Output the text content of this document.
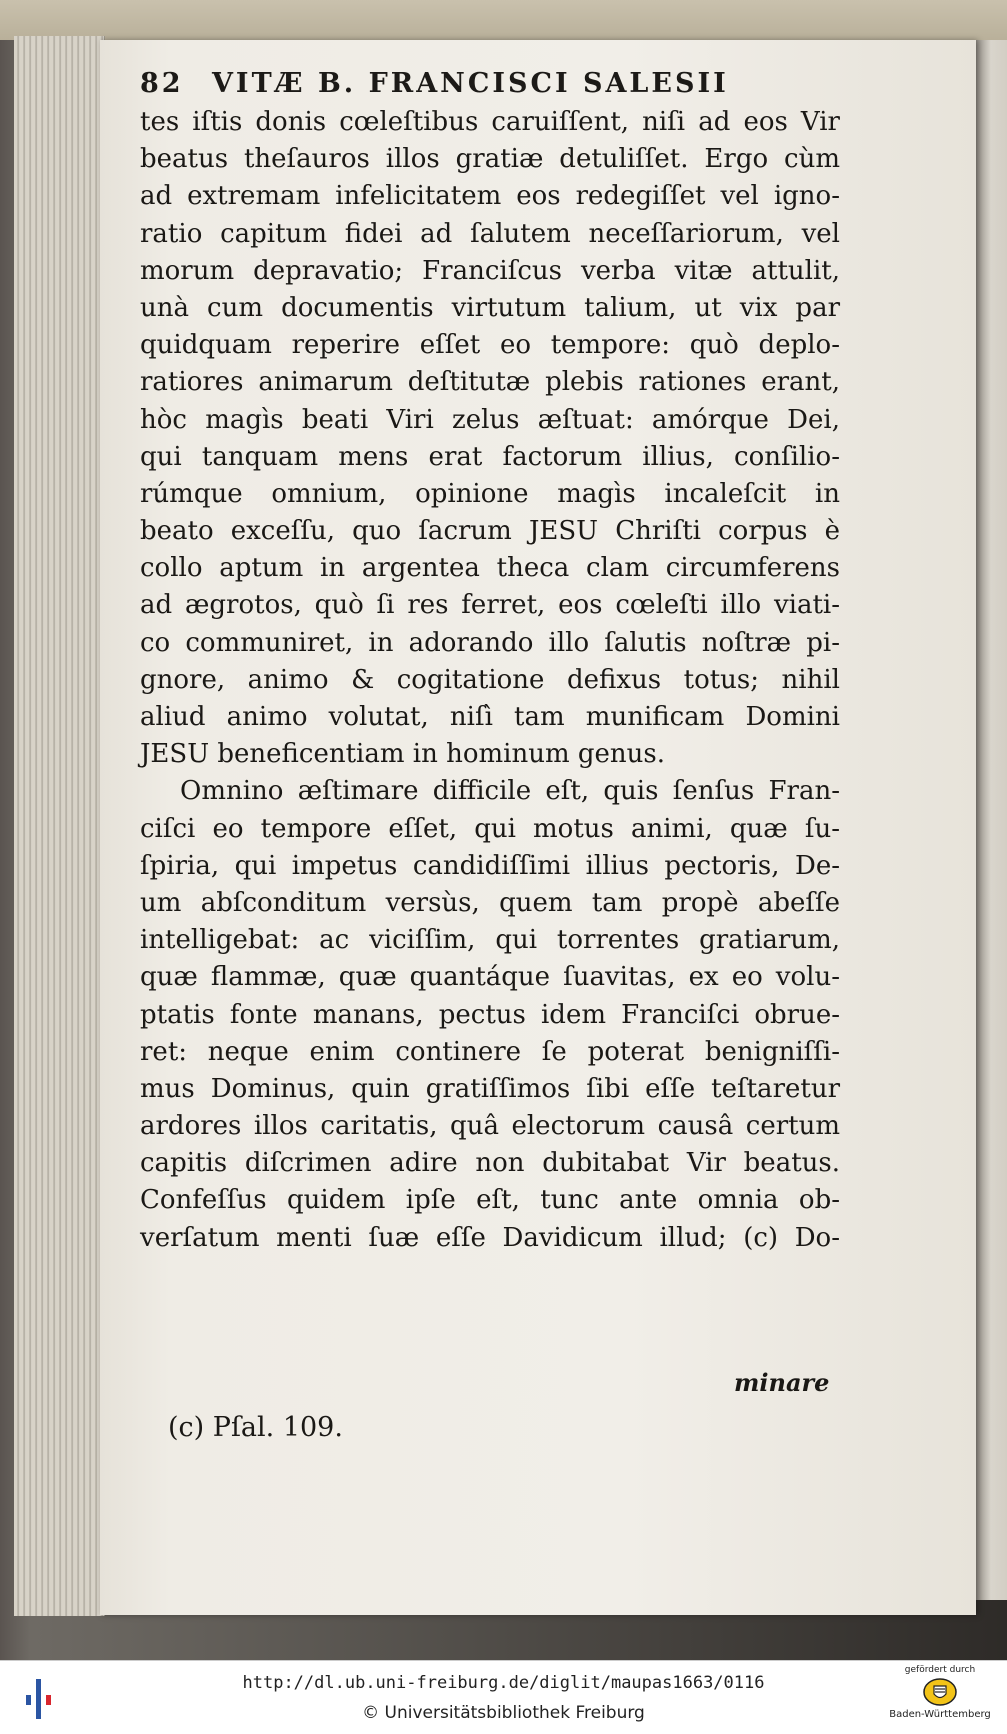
82 VITÆ B. FRANCISCI SALESII
tes iſtis donis cœleſtibus caruiſſent, niſi ad eos Vir
beatus theſauros illos gratiæ detuliſſet. Ergo cùm
ad extremam infelicitatem eos redegiſſet vel igno-
ratio capitum fidei ad ſalutem neceſſariorum, vel
morum depravatio; Franciſcus verba vitæ attulit,
unà cum documentis virtutum talium, ut vix par
quidquam reperire eſſet eo tempore: quò deplo-
ratiores animarum deſtitutæ plebis rationes erant,
hòc magìs beati Viri zelus æſtuat: amórque Dei,
qui tanquam mens erat factorum illius, conſilio-
rúmque omnium, opinione magìs incaleſcit in
beato exceſſu, quo ſacrum JESU Chriſti corpus è
collo aptum in argentea theca clam circumferens
ad ægrotos, quò ſi res ferret, eos cœleſti illo viati-
co communiret, in adorando illo ſalutis noſtræ pi-
gnore, animo & cogitatione defixus totus; nihil
aliud animo volutat, niſì tam munificam Domini
JESU beneficentiam in hominum genus.
Omnino æſtimare difficile eſt, quis ſenſus Fran-
ciſci eo tempore eſſet, qui motus animi, quæ ſu-
ſpiria, qui impetus candidiſſimi illius pectoris, De-
um abſconditum versùs, quem tam propè abeſſe
intelligebat: ac viciſſim, qui torrentes gratiarum,
quæ flammæ, quæ quantáque ſuavitas, ex eo volu-
ptatis fonte manans, pectus idem Franciſci obrue-
ret: neque enim continere ſe poterat benigniſſi-
mus Dominus, quin gratiſſimos ſibi eſſe teſtaretur
ardores illos caritatis, quâ electorum causâ certum
capitis diſcrimen adire non dubitabat Vir beatus.
Confeſſus quidem ipſe eſt, tunc ante omnia ob-
verſatum menti ſuæ eſſe Davidicum illud; (c) Do-
minare
(c) Pſal. 109.
http://dl.ub.uni-freiburg.de/diglit/maupas1663/0116
© Universitätsbibliothek Freiburg
gefördert durch
Baden-Württemberg
